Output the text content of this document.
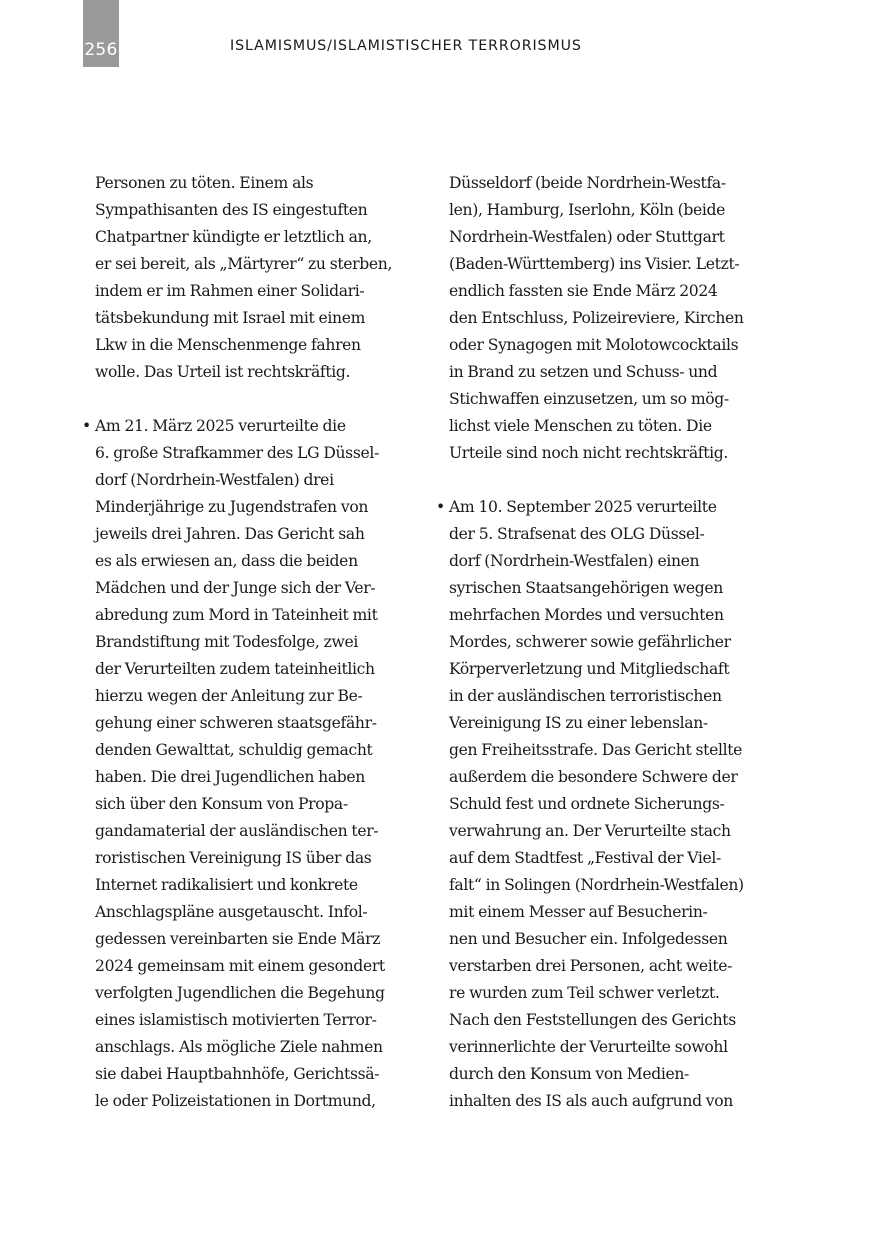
256	ISLAMISMUS/ISLAMISTISCHER TERRORISMUS
Personen zu töten. Einem als
Sympathisanten des IS eingestuften
Chatpartner kündigte er letztlich an,
er sei bereit, als „Märtyrer“ zu sterben,
indem er im Rahmen einer Solidari-
tätsbekundung mit Israel mit einem
Lkw in die Menschenmenge fahren
wolle. Das Urteil ist rechtskräftig.
• Am 21. März 2025 verurteilte die
6. große Strafkammer des LG Düssel-
dorf (Nordrhein-Westfalen) drei
Minderjährige zu Jugendstrafen von
jeweils drei Jahren. Das Gericht sah
es als erwiesen an, dass die beiden
Mädchen und der Junge sich der Ver-
abredung zum Mord in Tateinheit mit
Brandstiftung mit Todesfolge, zwei
der Verurteilten zudem tateinheitlich
hierzu wegen der Anleitung zur Be-
gehung einer schweren staatsgefähr-
denden Gewalttat, schuldig gemacht
haben. Die drei Jugendlichen haben
sich über den Konsum von Propa-
gandamaterial der ausländischen ter-
roristischen Vereinigung IS über das
Internet radikalisiert und konkrete
Anschlagspläne ausgetauscht. Infol-
gedessen vereinbarten sie Ende März
2024 gemeinsam mit einem gesondert
verfolgten Jugendlichen die Begehung
eines islamistisch motivierten Terror-
anschlags. Als mögliche Ziele nahmen
sie dabei Hauptbahnhöfe, Gerichtssä-
le oder Polizeistationen in Dortmund,
Düsseldorf (beide Nordrhein-Westfa-
len), Hamburg, Iserlohn, Köln (beide
Nordrhein-Westfalen) oder Stuttgart
(Baden-Württemberg) ins Visier. Letzt-
endlich fassten sie Ende März 2024
den Entschluss, Polizeireviere, Kirchen
oder Synagogen mit Molotowcocktails
in Brand zu setzen und Schuss- und
Stichwaffen einzusetzen, um so mög-
lichst viele Menschen zu töten. Die
Urteile sind noch nicht rechtskräftig.
• Am 10. September 2025 verurteilte
der 5. Strafsenat des OLG Düssel-
dorf (Nordrhein-Westfalen) einen
syrischen Staatsangehörigen wegen
mehrfachen Mordes und versuchten
Mordes, schwerer sowie gefährlicher
Körperverletzung und Mitgliedschaft
in der ausländischen terroristischen
Vereinigung IS zu einer lebenslan-
gen Freiheitsstrafe. Das Gericht stellte
außerdem die besondere Schwere der
Schuld fest und ordnete Sicherungs-
verwahrung an. Der Verurteilte stach
auf dem Stadtfest „Festival der Viel-
falt“ in Solingen (Nordrhein-Westfalen)
mit einem Messer auf Besucherin-
nen und Besucher ein. Infolgedessen
verstarben drei Personen, acht weite-
re wurden zum Teil schwer verletzt.
Nach den Feststellungen des Gerichts
verinnerlichte der Verurteilte sowohl
durch den Konsum von Medien-
inhalten des IS als auch aufgrund von
